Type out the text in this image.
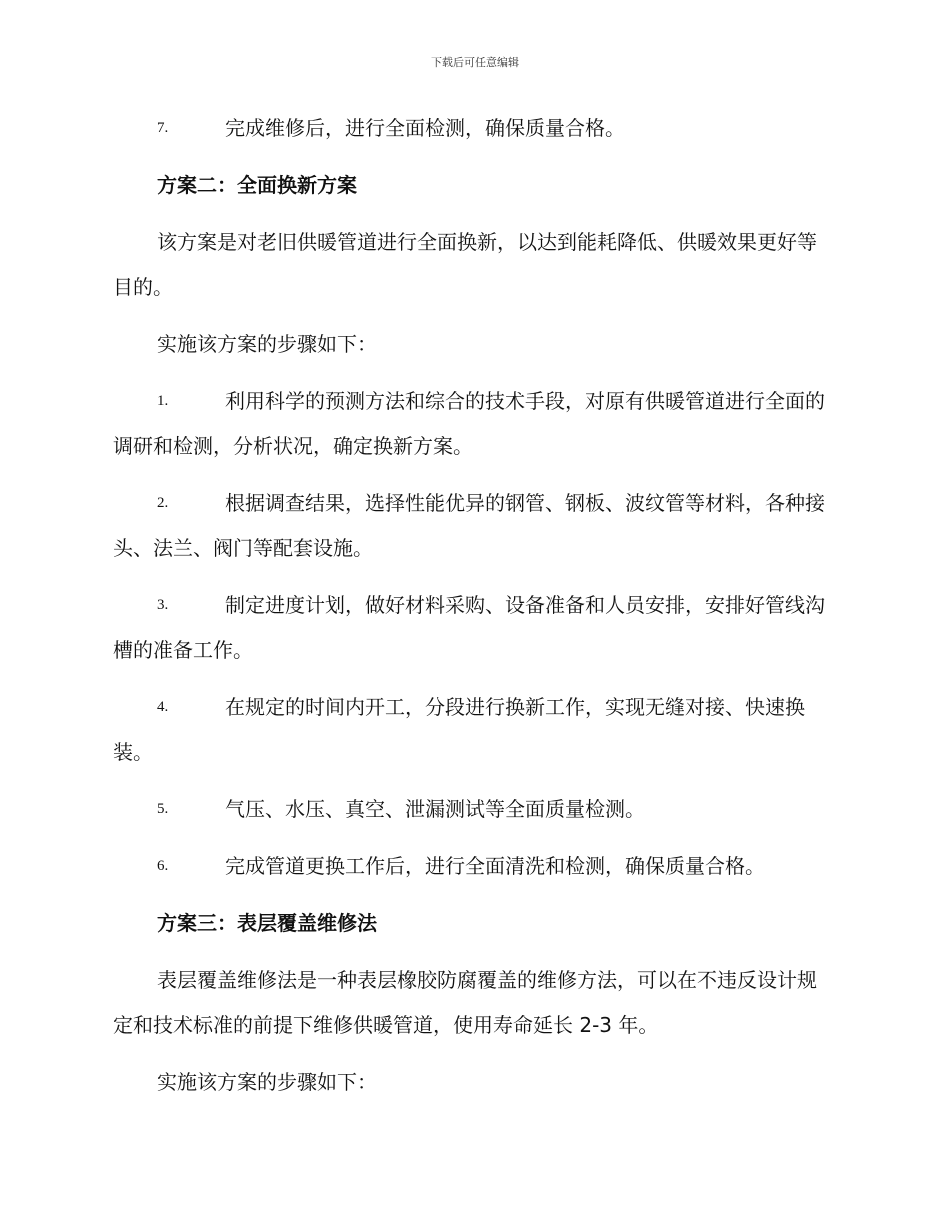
下载后可任意编辑
7.	完成维修后，进行全面检测，确保质量合格。
方案二：全面换新方案
该方案是对老旧供暖管道进行全面换新，以达到能耗降低、供暖效果更好等目的。
实施该方案的步骤如下：
1.	利用科学的预测方法和综合的技术手段，对原有供暖管道进行全面的调研和检测，分析状况，确定换新方案。
2.	根据调查结果，选择性能优异的钢管、钢板、波纹管等材料，各种接头、法兰、阀门等配套设施。
3.	制定进度计划，做好材料采购、设备准备和人员安排，安排好管线沟槽的准备工作。
4.	在规定的时间内开工，分段进行换新工作，实现无缝对接、快速换装。
5.	气压、水压、真空、泄漏测试等全面质量检测。
6.	完成管道更换工作后，进行全面清洗和检测，确保质量合格。
方案三：表层覆盖维修法
表层覆盖维修法是一种表层橡胶防腐覆盖的维修方法，可以在不违反设计规定和技术标准的前提下维修供暖管道，使用寿命延长 2-3 年。
实施该方案的步骤如下：
